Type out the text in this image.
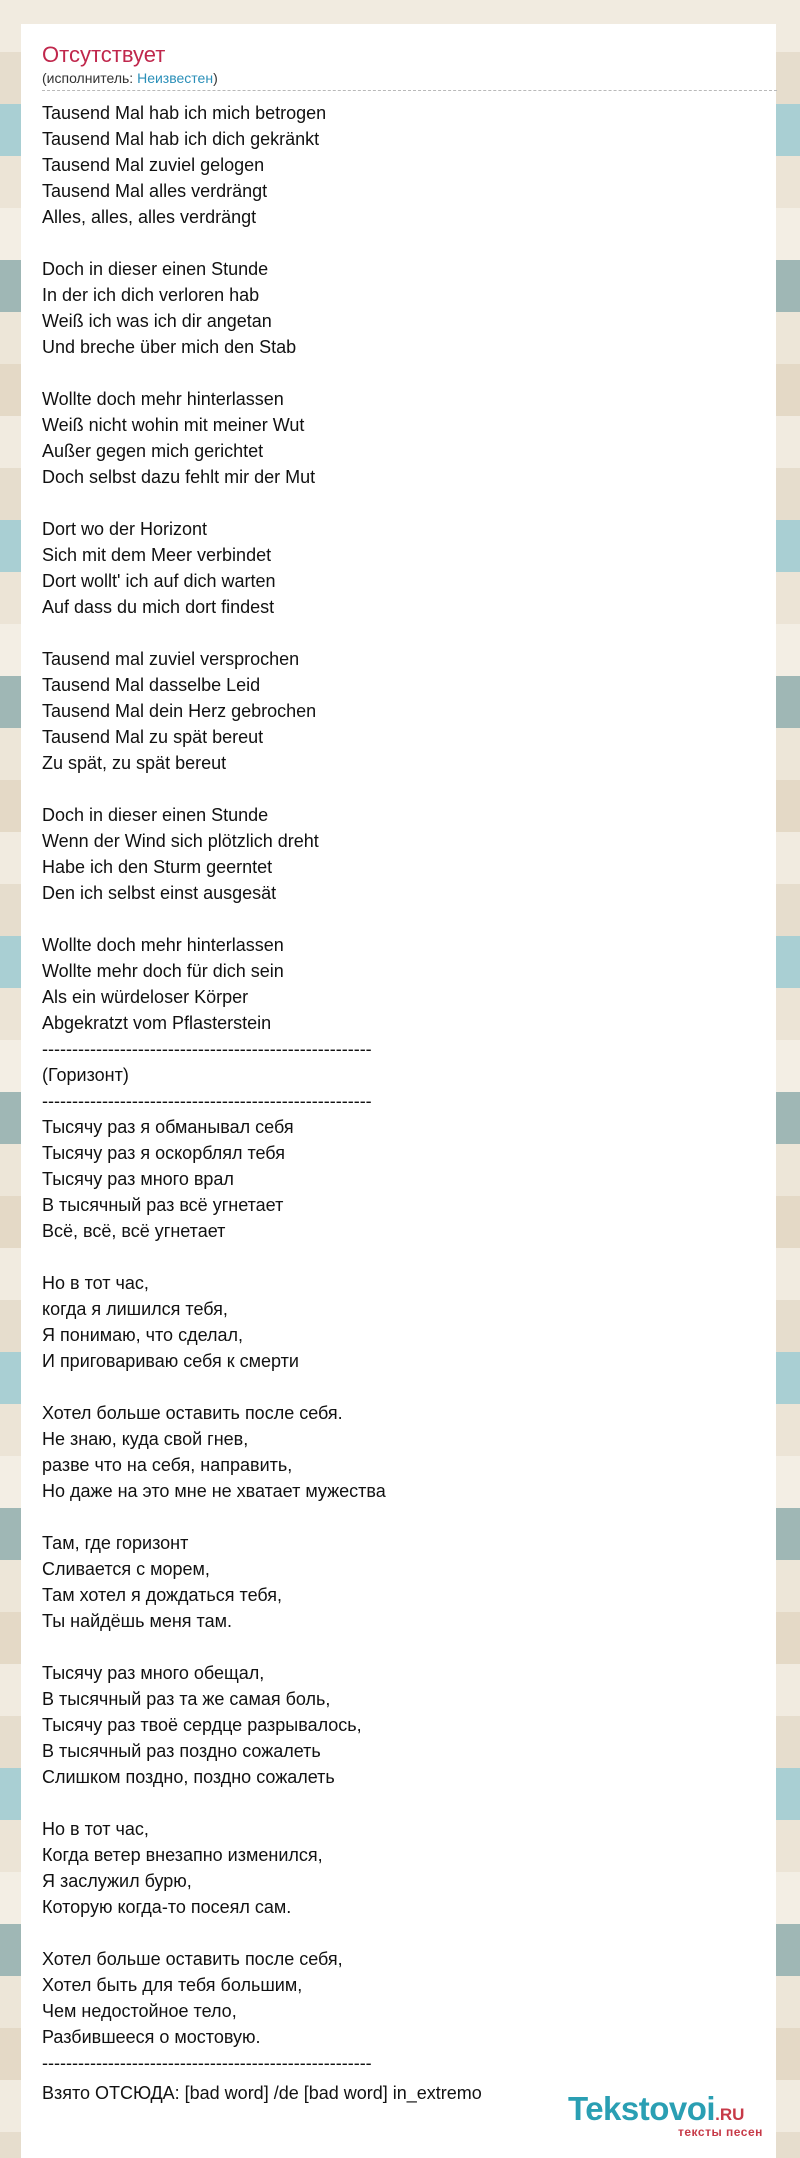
Отсутствует
(исполнитель: Неизвестен)
Tausend Mal hab ich mich betrogen
Tausend Mal hab ich dich gekränkt
Tausend Mal zuviel gelogen
Tausend Mal alles verdrängt
Alles, alles, alles verdrängt

Doch in dieser einen Stunde
In der ich dich verloren hab
Weiß ich was ich dir angetan
Und breche über mich den Stab

Wollte doch mehr hinterlassen
Weiß nicht wohin mit meiner Wut
Außer gegen mich gerichtet
Doch selbst dazu fehlt mir der Mut

Dort wo der Horizont
Sich mit dem Meer verbindet
Dort wollt' ich auf dich warten
Auf dass du mich dort findest

Tausend mal zuviel versprochen
Tausend Mal dasselbe Leid
Tausend Mal dein Herz gebrochen
Tausend Mal zu spät bereut
Zu spät, zu spät bereut

Doch in dieser einen Stunde
Wenn der Wind sich plötzlich dreht
Habe ich den Sturm geerntet
Den ich selbst einst ausgesät

Wollte doch mehr hinterlassen
Wollte mehr doch für dich sein
Als ein würdeloser Körper
Abgekratzt vom Pflasterstein
-------------------------------------------------------
(Горизонт)
-------------------------------------------------------
Тысячу раз я обманывал себя
Тысячу раз я оскорблял тебя
Тысячу раз много врал
В тысячный раз всё угнетает
Всё, всё, всё угнетает

Но в тот час,
когда я лишился тебя,
Я понимаю, что сделал,
И приговариваю себя к смерти

Хотел больше оставить после себя.
Не знаю, куда свой гнев,
разве что на себя, направить,
Но даже на это мне не хватает мужества

Там, где горизонт
Сливается с морем,
Там хотел я дождаться тебя,
Ты найдёшь меня там.

Тысячу раз много обещал,
В тысячный раз та же самая боль,
Тысячу раз твоё сердце разрывалось,
В тысячный раз поздно сожалеть
Слишком поздно, поздно сожалеть

Но в тот час,
Когда ветер внезапно изменился,
Я заслужил бурю,
Которую когда-то посеял сам.

Хотел больше оставить после себя,
Хотел быть для тебя большим,
Чем недостойное тело,
Разбившееся о мостовую.
-------------------------------------------------------
Взято ОТСЮДА: [bad word] /de [bad word] in_extremo	Tekstovoi.RU
тексты песен
